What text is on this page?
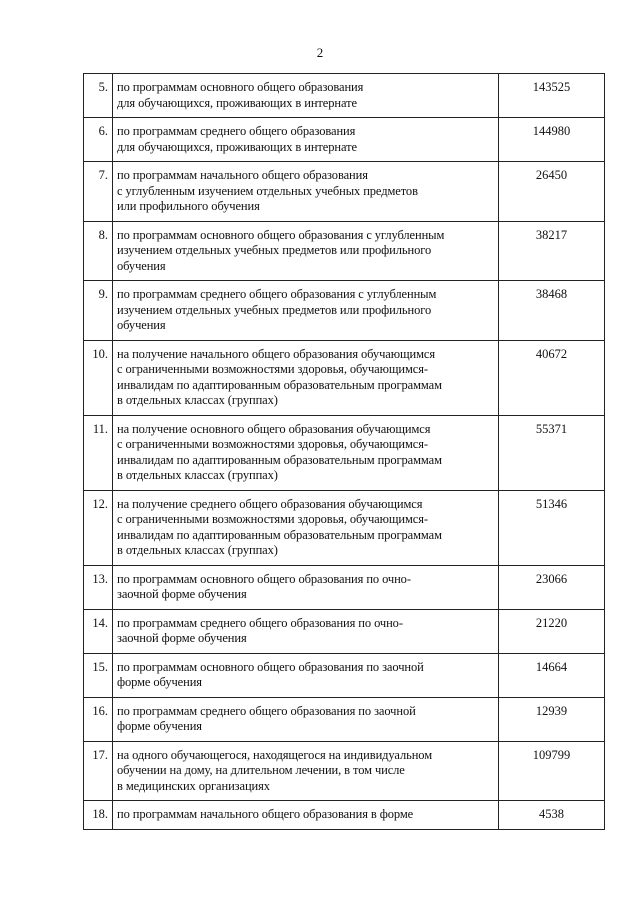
2
5.	по программам основного общего образования
для обучающихся, проживающих в интернате	143525
6.	по программам среднего общего образования
для обучающихся, проживающих в интернате	144980
7.	по программам начального общего образования
с углубленным изучением отдельных учебных предметов
или профильного обучения	26450
8.	по программам основного общего образования с углубленным
изучением отдельных учебных предметов или профильного
обучения	38217
9.	по программам среднего общего образования с углубленным
изучением отдельных учебных предметов или профильного
обучения	38468
10.	на получение начального общего образования обучающимся
с ограниченными возможностями здоровья, обучающимся-
инвалидам по адаптированным образовательным программам
в отдельных классах (группах)	40672
11.	на получение основного общего образования обучающимся
с ограниченными возможностями здоровья, обучающимся-
инвалидам по адаптированным образовательным программам
в отдельных классах (группах)	55371
12.	на получение среднего общего образования обучающимся
с ограниченными возможностями здоровья, обучающимся-
инвалидам по адаптированным образовательным программам
в отдельных классах (группах)	51346
13.	по программам основного общего образования по очно-
заочной форме обучения	23066
14.	по программам среднего общего образования по очно-
заочной форме обучения	21220
15.	по программам основного общего образования по заочной
форме обучения	14664
16.	по программам среднего общего образования по заочной
форме обучения	12939
17.	на одного обучающегося, находящегося на индивидуальном
обучении на дому, на длительном лечении, в том числе
в медицинских организациях	109799
18.	по программам начального общего образования в форме	4538
